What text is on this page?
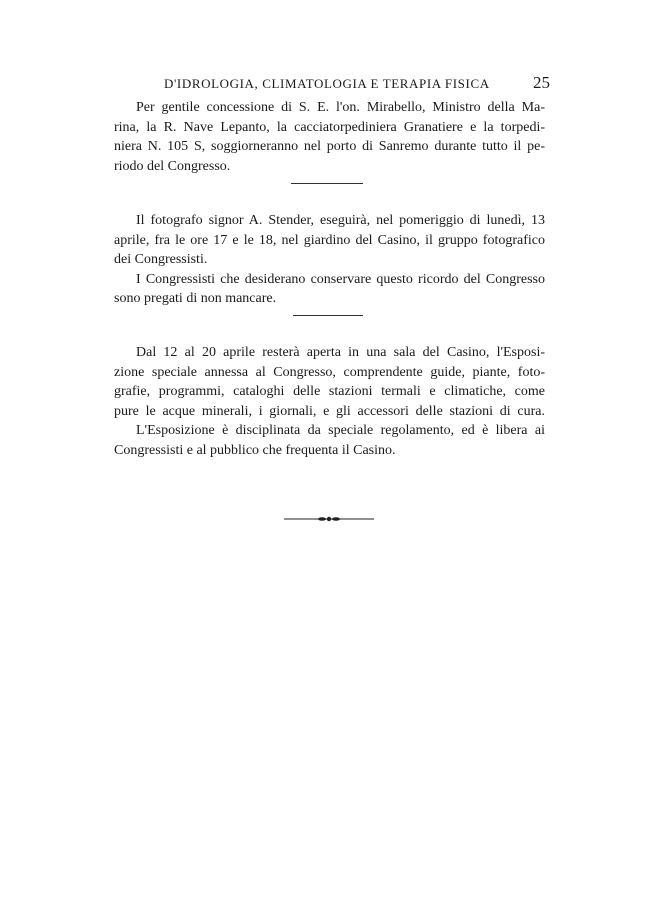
D'IDROLOGIA, CLIMATOLOGIA E TERAPIA FISICA	25
Per gentile concessione di S. E. l'on. Mirabello, Ministro della Ma-
rina, la R. Nave Lepanto, la cacciatorpediniera Granatiere e la torpedi-
niera N. 105 S, soggiorneranno nel porto di Sanremo durante tutto il pe-
riodo del Congresso.
Il fotografo signor A. Stender, eseguirà, nel pomeriggio di lunedì, 13
aprile, fra le ore 17 e le 18, nel giardino del Casino, il gruppo fotografico
dei Congressisti.
I Congressisti che desiderano conservare questo ricordo del Congresso
sono pregati di non mancare.
Dal 12 al 20 aprile resterà aperta in una sala del Casino, l'Esposi-
zione speciale annessa al Congresso, comprendente guide, piante, foto-
grafie, programmi, cataloghi delle stazioni termali e climatiche, come
pure le acque minerali, i giornali, e gli accessori delle stazioni di cura.
L'Esposizione è disciplinata da speciale regolamento, ed è libera ai
Congressisti e al pubblico che frequenta il Casino.
